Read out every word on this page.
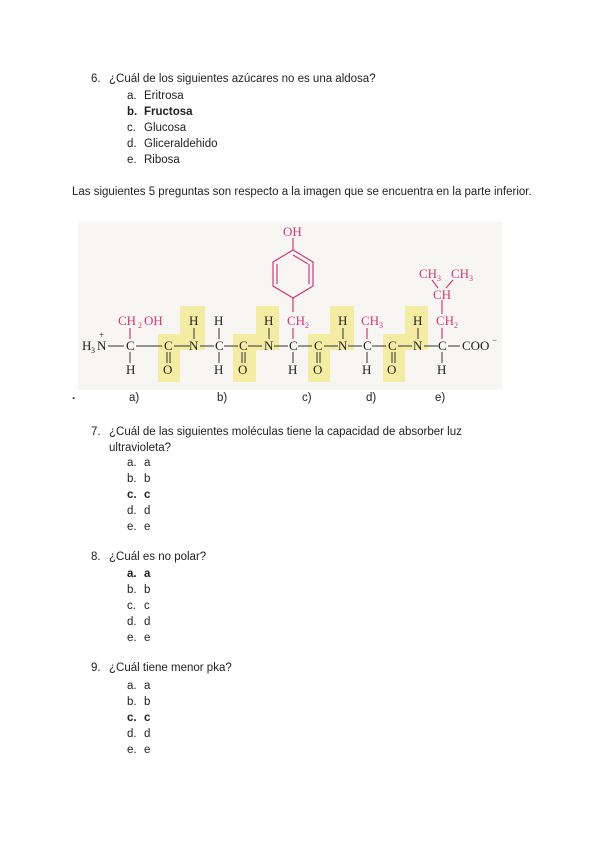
6. ¿Cuál de los siguientes azúcares no es una aldosa?
a. Eritrosa
b. Fructosa
c. Glucosa
d. Gliceraldehido
e. Ribosa
Las siguientes 5 preguntas son respecto a la imagen que se encuentra en la parte inferior.
H 3 N
+
C
H
C
O
N
H
C
H
H
C
O
N
H
C
H
C
O
N
H
C
H
C
O
N
H
C
H
COO −
CH 2 OH
OH
CH 2	CH 3	CH 2
CH
CH 3 CH 3
.	a)	b)	c)	d)	e)
7. ¿Cuál de las siguientes moléculas tiene la capacidad de absorber luz
ultravioleta?
a. a
b. b
c. c
d. d
e. e
8. ¿Cuál es no polar?
a. a
b. b
c. c
d. d
e. e
9. ¿Cuál tiene menor pka?
a. a
b. b
c. c
d. d
e. e
